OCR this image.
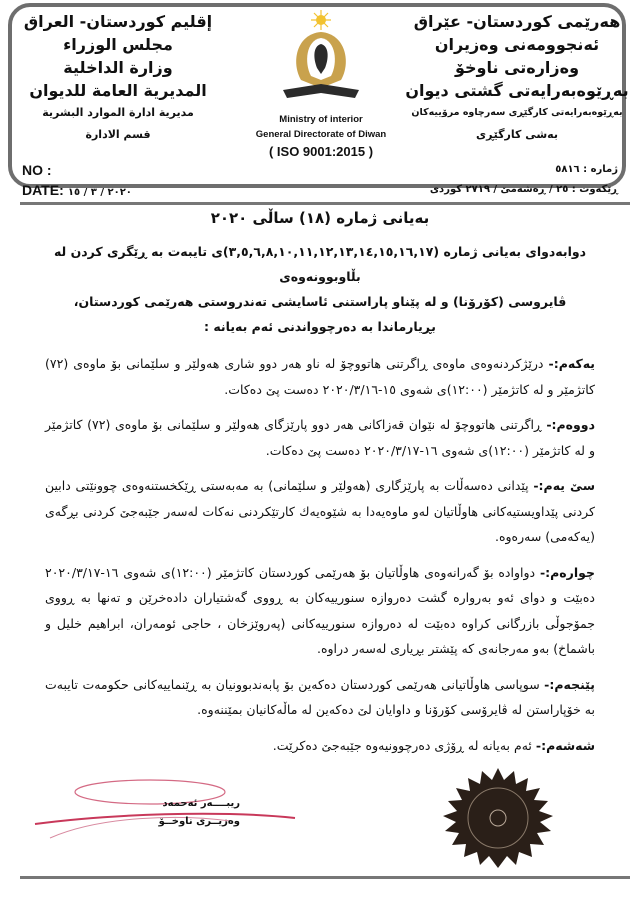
هەرێمی کوردستان- عێراق
ئەنجوومەنی وەزیران
وەزارەتی ناوخۆ
بەڕێوەبەرایەتی گشتی دیوان
بەڕێوەبەرایەتی کارگێڕی سەرچاوە مرۆییەکان
بەشی کارگێڕی
إقليم كوردستان- العراق
مجلس الوزراء
وزارة الداخلية
المديرية العامة للديوان
مديرية ادارة الموارد البشرية
قسم الادارة
Ministry of interior
General Directorate of Diwan
( ISO 9001:2015 )
NO :
DATE: ٢٠٢٠ / ٣ / ١٥
ژمارە : ٥٨١٦
ڕێکەوت : ٢٥ / ڕەشەمێ / ٢٧١٩ کوردی
بەیانی ژمارە (١٨) ساڵی ٢٠٢٠
دوابەدوای بەیانی ژمارە (٣,٥,٦,٨,١٠,١١,١٢,١٣,١٤,١٥,١٦,١٧)ی تایبەت بە ڕێگری کردن لە بڵاوبوونەوەی
ڤایروسی (کۆرۆنا) و لە پێناو پاراستنی ئاسایشی تەندروستی هەرێمی کوردستان،
بڕیارماندا بە دەرچوواندنی ئەم بەیانە :

یەکەم:- درێژکردنەوەی ماوەی ڕاگرتنی هاتووچۆ لە ناو هەر دوو شاری هەولێر و سلێمانی بۆ ماوەی (٧٢) کاتژمێر و لە کاتژمێر (١٢:٠٠)ی شەوی ١٥-٢٠٢٠/٣/١٦ دەست پێ دەکات.

دووەم:- ڕاگرتنی هاتووچۆ لە نێوان قەزاکانی هەر دوو پارێزگای هەولێر و سلێمانی بۆ ماوەی (٧٢) کاتژمێر و لە کاتژمێر (١٢:٠٠)ی شەوی ١٦-٢٠٢٠/٣/١٧ دەست پێ دەکات.

سێ یەم:- پێدانی دەسەڵات بە پارێزگاری (هەولێر و سلێمانی) بە مەبەستی ڕێکخستنەوەی چوونێتی دابین کردنی پێداویستیەکانی هاوڵاتیان لەو ماوەیەدا بە شێوەیەك کارتێکردنی نەکات لەسەر جێبەجێ کردنی بڕگەی (یەکەمی) سەرەوە.

چوارەم:- دواوادە بۆ گەرانەوەی هاوڵاتیان بۆ هەرێمی کوردستان کاتژمێر (١٢:٠٠)ی شەوی ١٦-٢٠٢٠/٣/١٧ دەبێت و دوای ئەو بەرواره گشت دەروازە سنورییەکان بە ڕووی گەشتیاران دادەخرێن و تەنها بە ڕووی جمۆجوڵی بازرگانی کراوە دەبێت لە دەروازە سنورییەکانی (پەروێزخان ، حاجی ئومەران، ابراهیم خلیل و باشماخ) بەو مەرجانەی کە پێشتر بڕیاری لەسەر دراوە.

پێنجەم:- سوپاسی هاوڵاتیانی هەرێمی کوردستان دەکەین بۆ پابەندبوونیان بە ڕێنماییەکانی حکومەت تایبەت بە خۆپاراستن لە ڤایرۆسی کۆرۆنا و داوایان لێ دەکەین لە ماڵەکانیان بمێننەوە.

شەشەم:- ئەم بەیانە لە ڕۆژی دەرچوونیەوە جێبەجێ دەکرێت.

ریبــــەر ئەحمەد
وەزیــری ناوخــۆ
